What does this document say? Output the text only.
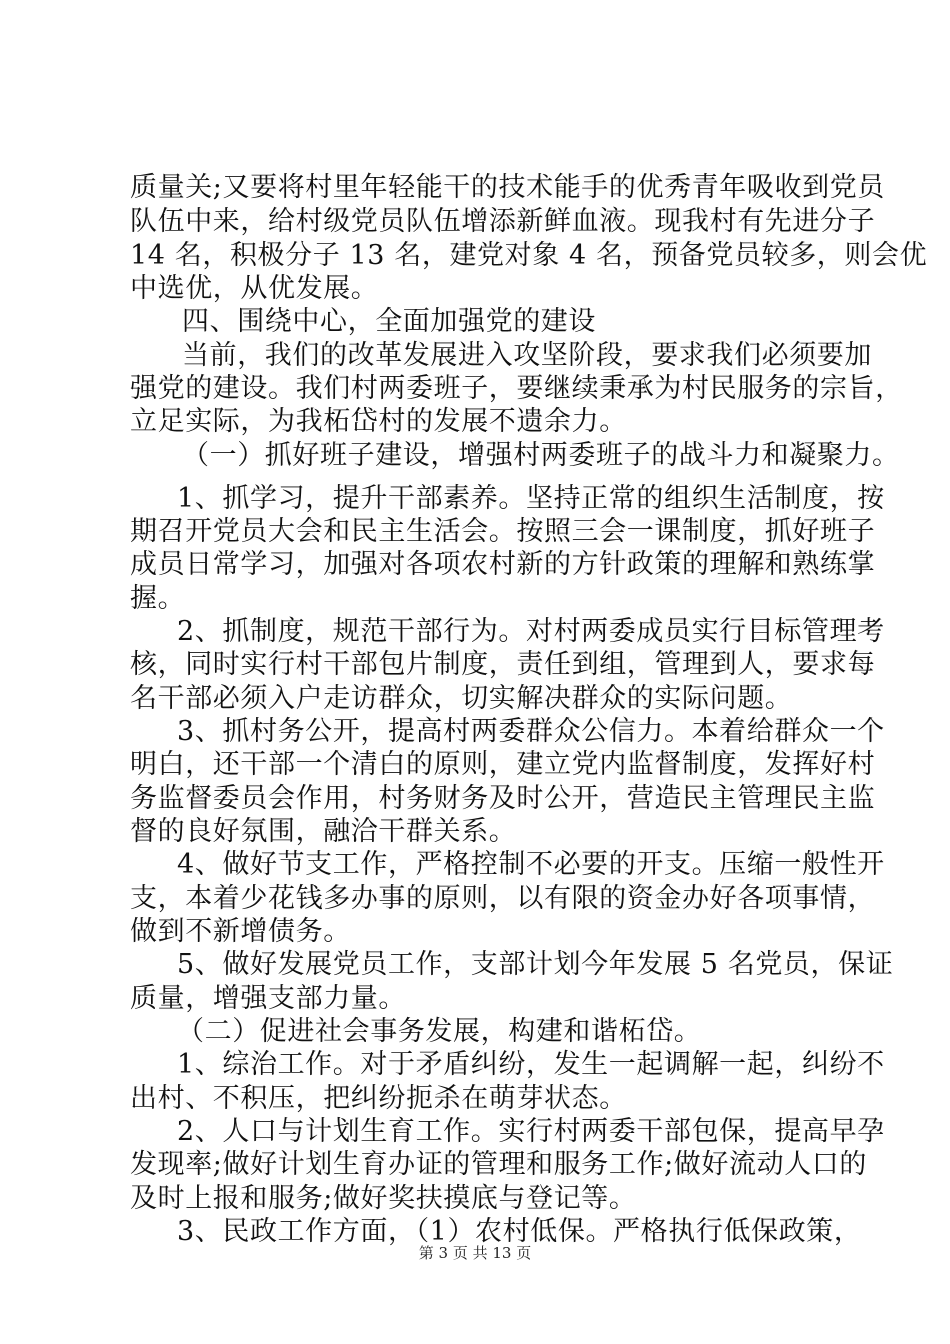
质量关;又要将村里年轻能干的技术能手的优秀青年吸收到党员
队伍中来，给村级党员队伍增添新鲜血液。现我村有先进分子
14 名，积极分子 13 名，建党对象 4 名，预备党员较多，则会优
中选优，从优发展。
四、围绕中心，全面加强党的建设
当前，我们的改革发展进入攻坚阶段，要求我们必须要加
强党的建设。我们村两委班子，要继续秉承为村民服务的宗旨，
立足实际，为我柘岱村的发展不遗余力。
（一）抓好班子建设，增强村两委班子的战斗力和凝聚力。
1、抓学习，提升干部素养。坚持正常的组织生活制度，按
期召开党员大会和民主生活会。按照三会一课制度，抓好班子
成员日常学习，加强对各项农村新的方针政策的理解和熟练掌
握。
2、抓制度，规范干部行为。对村两委成员实行目标管理考
核，同时实行村干部包片制度，责任到组，管理到人，要求每
名干部必须入户走访群众，切实解决群众的实际问题。
3、抓村务公开，提高村两委群众公信力。本着给群众一个
明白，还干部一个清白的原则，建立党内监督制度，发挥好村
务监督委员会作用，村务财务及时公开，营造民主管理民主监
督的良好氛围，融洽干群关系。
4、做好节支工作，严格控制不必要的开支。压缩一般性开
支，本着少花钱多办事的原则，以有限的资金办好各项事情，
做到不新增债务。
5、做好发展党员工作，支部计划今年发展 5 名党员，保证
质量，增强支部力量。
（二）促进社会事务发展，构建和谐柘岱。
1、综治工作。对于矛盾纠纷，发生一起调解一起，纠纷不
出村、不积压，把纠纷扼杀在萌芽状态。
2、人口与计划生育工作。实行村两委干部包保，提高早孕
发现率;做好计划生育办证的管理和服务工作;做好流动人口的
及时上报和服务;做好奖扶摸底与登记等。
3、民政工作方面，（1）农村低保。严格执行低保政策，
第 3 页 共 13 页
